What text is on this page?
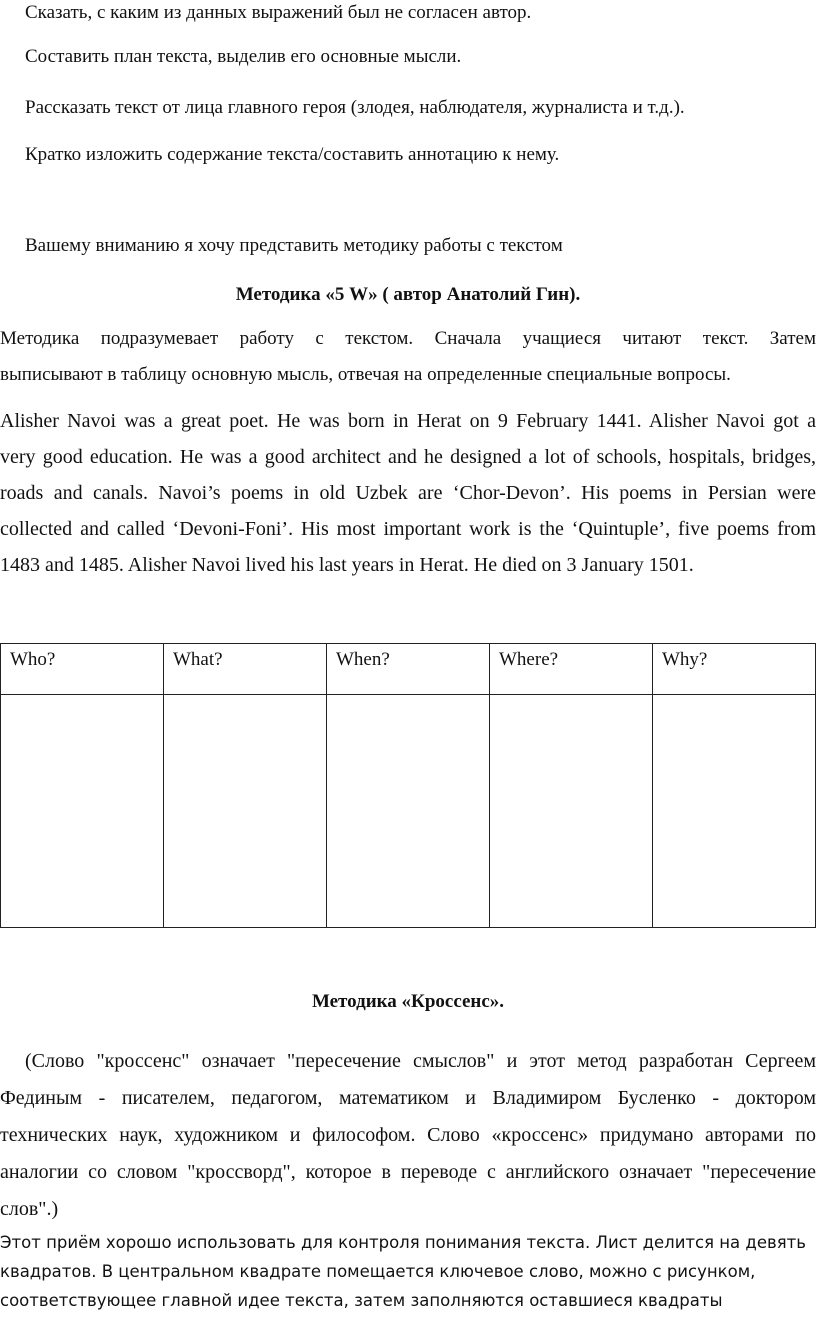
Сказать, с каким из данных выражений был не согласен автор.

Составить план текста, выделив его основные мысли.

Рассказать текст от лица главного героя (злодея, наблюдателя, журналиста и т.д.).

Кратко изложить содержание текста/составить аннотацию к нему.

Вашему вниманию я хочу представить методику работы с текстом

Методика «5 W» ( автор Анатолий Гин).

Методика подразумевает работу с текстом. Сначала учащиеся читают текст. Затем

выписывают в таблицу основную мысль, отвечая на определенные специальные вопросы.

Alisher Navoi was a great poet. He was born in Herat on 9 February 1441. Alisher Navoi got a

very good education. He was a good architect and he designed a lot of schools, hospitals, bridges,

roads and canals. Navoi’s poems in old Uzbek are ‘Chor-Devon’. His poems in Persian were

collected and called ‘Devoni-Foni’. His most important work is the ‘Quintuple’, five poems from

1483 and 1485. Alisher Navoi lived his last years in Herat. He died on 3 January 1501.

Who?	What?	When?	Where?	Why?

Методика «Кроссенс».

(Слово "кроссенс" означает "пересечение смыслов" и этот метод разработан Сергеем

Фединым - писателем, педагогом, математиком и Владимиром Бусленко - доктором

технических наук, художником и философом. Слово «кроссенс» придумано авторами по

аналогии со словом "кроссворд", которое в переводе с английского означает "пересечение

слов".)

Этот приём хорошо использовать для контроля понимания текста. Лист делится на девять

квадратов. В центральном квадрате помещается ключевое слово, можно с рисунком,

соответствующее главной идее текста, затем заполняются оставшиеся квадраты
